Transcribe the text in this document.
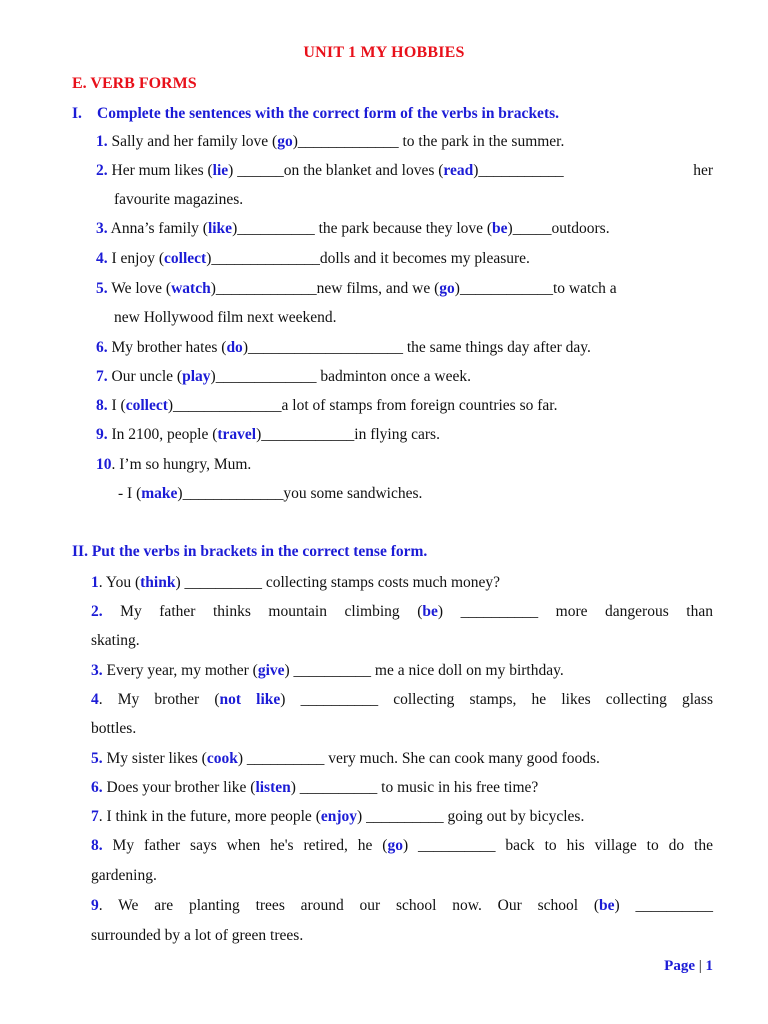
UNIT 1 MY HOBBIES
E. VERB FORMS
I. Complete the sentences with the correct form of the verbs in brackets.
1. Sally and her family love (go)_____________ to the park in the summer.
2. Her mum likes (lie) ______on the blanket and loves (read)___________	her
favourite magazines.
3. Anna’s family (like)__________ the park because they love (be)_____outdoors.
4. I enjoy (collect)______________dolls and it becomes my pleasure.
5. We love (watch)_____________new films, and we (go)____________to watch a
new Hollywood film next weekend.
6. My brother hates (do)____________________ the same things day after day.
7. Our uncle (play)_____________ badminton once a week.
8. I (collect)______________a lot of stamps from foreign countries so far.
9. In 2100, people (travel)____________in flying cars.
10. I’m so hungry, Mum.
- I (make)_____________you some sandwiches.
II. Put the verbs in brackets in the correct tense form.
1. You (think) __________ collecting stamps costs much money?
2. My father thinks mountain climbing (be) __________ more dangerous than
skating.
3. Every year, my mother (give) __________ me a nice doll on my birthday.
4. My brother (not like) __________ collecting stamps, he likes collecting glass
bottles.
5. My sister likes (cook) __________ very much. She can cook many good foods.
6. Does your brother like (listen) __________ to music in his free time?
7. I think in the future, more people (enjoy) __________ going out by bicycles.
8. My father says when he's retired, he (go) __________ back to his village to do the
gardening.
9. We are planting trees around our school now. Our school (be) __________
surrounded by a lot of green trees.
Page | 1
